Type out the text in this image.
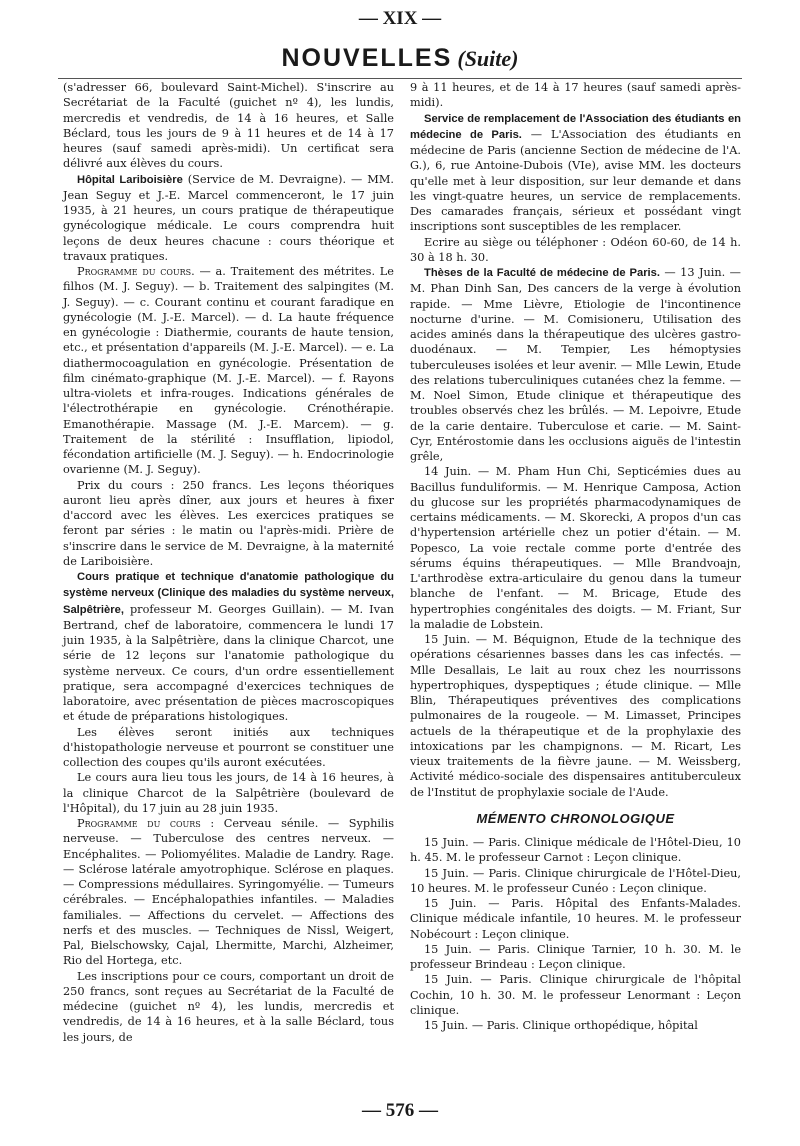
— XIX —
NOUVELLES (Suite)

(s'adresser 66, boulevard Saint-Michel). S'inscrire au Secrétariat de la Faculté (guichet nº 4), les lundis, mercredis et vendredis, de 14 à 16 heures, et Salle Béclard, tous les jours de 9 à 11 heures et de 14 à 17 heures (sauf samedi après-midi). Un certificat sera délivré aux élèves du cours.

Hôpital Lariboisière (Service de M. Devraigne). — MM. Jean Seguy et J.-E. Marcel commenceront, le 17 juin 1935, à 21 heures, un cours pratique de thérapeutique gynécologique médicale. Le cours comprendra huit leçons de deux heures chacune : cours théorique et travaux pratiques.

Programme du cours. — a. Traitement des métrites. Le filhos (M. J. Seguy). — b. Traitement des salpingites (M. J. Seguy). — c. Courant continu et courant faradique en gynécologie (M. J.-E. Marcel). — d. La haute fréquence en gynécologie : Diathermie, courants de haute tension, etc., et présentation d'appareils (M. J.-E. Marcel). — e. La diathermocoagulation en gynécologie. Présentation de film cinémato-graphique (M. J.-E. Marcel). — f. Rayons ultra-violets et infra-rouges. Indications générales de l'électrothérapie en gynécologie. Crénothérapie. Emanothérapie. Massage (M. J.-E. Marcem). — g. Traitement de la stérilité : Insufflation, lipiodol, fécondation artificielle (M. J. Seguy). — h. Endocrinologie ovarienne (M. J. Seguy).

Prix du cours : 250 francs. Les leçons théoriques auront lieu après dîner, aux jours et heures à fixer d'accord avec les élèves. Les exercices pratiques se feront par séries : le matin ou l'après-midi. Prière de s'inscrire dans le service de M. Devraigne, à la maternité de Lariboisière.

Cours pratique et technique d'anatomie pathologique du système nerveux (Clinique des maladies du système nerveux, Salpêtrière, professeur M. Georges Guillain). — M. Ivan Bertrand, chef de laboratoire, commencera le lundi 17 juin 1935, à la Salpêtrière, dans la clinique Charcot, une série de 12 leçons sur l'anatomie pathologique du système nerveux. Ce cours, d'un ordre essentiellement pratique, sera accompagné d'exercices techniques de laboratoire, avec présentation de pièces macroscopiques et étude de préparations histologiques.

Les élèves seront initiés aux techniques d'histopathologie nerveuse et pourront se constituer une collection des coupes qu'ils auront exécutées.

Le cours aura lieu tous les jours, de 14 à 16 heures, à la clinique Charcot de la Salpêtrière (boulevard de l'Hôpital), du 17 juin au 28 juin 1935.

Programme du cours : Cerveau sénile. — Syphilis nerveuse. — Tuberculose des centres nerveux. — Encéphalites. — Poliomyélites. Maladie de Landry. Rage. — Sclérose latérale amyotrophique. Sclérose en plaques. — Compressions médullaires. Syringomyélie. — Tumeurs cérébrales. — Encéphalopathies infantiles. — Maladies familiales. — Affections du cervelet. — Affections des nerfs et des muscles. — Techniques de Nissl, Weigert, Pal, Bielschowsky, Cajal, Lhermitte, Marchi, Alzheimer, Rio del Hortega, etc.

Les inscriptions pour ce cours, comportant un droit de 250 francs, sont reçues au Secrétariat de la Faculté de médecine (guichet nº 4), les lundis, mercredis et vendredis, de 14 à 16 heures, et à la salle Béclard, tous les jours, de

9 à 11 heures, et de 14 à 17 heures (sauf samedi après-midi).

Service de remplacement de l'Association des étudiants en médecine de Paris. — L'Association des étudiants en médecine de Paris (ancienne Section de médecine de l'A. G.), 6, rue Antoine-Dubois (VIe), avise MM. les docteurs qu'elle met à leur disposition, sur leur demande et dans les vingt-quatre heures, un service de remplacements. Des camarades français, sérieux et possédant vingt inscriptions sont susceptibles de les remplacer.

Ecrire au siège ou téléphoner : Odéon 60-60, de 14 h. 30 à 18 h. 30.

Thèses de la Faculté de médecine de Paris. — 13 Juin. — M. Phan Dinh San, Des cancers de la verge à évolution rapide. — Mme Lièvre, Etiologie de l'incontinence nocturne d'urine. — M. Comisioneru, Utilisation des acides aminés dans la thérapeutique des ulcères gastro-duodénaux. — M. Tempier, Les hémoptysies tuberculeuses isolées et leur avenir. — Mlle Lewin, Etude des relations tuberculiniques cutanées chez la femme. — M. Noel Simon, Etude clinique et thérapeutique des troubles observés chez les brûlés. — M. Lepoivre, Etude de la carie dentaire. Tuberculose et carie. — M. Saint-Cyr, Entérostomie dans les occlusions aiguës de l'intestin grêle,

14 Juin. — M. Pham Hun Chi, Septicémies dues au Bacillus funduliformis. — M. Henrique Camposa, Action du glucose sur les propriétés pharmacodynamiques de certains médicaments. — M. Skorecki, A propos d'un cas d'hypertension artérielle chez un potier d'étain. — M. Popesco, La voie rectale comme porte d'entrée des sérums équins thérapeutiques. — Mlle Brandvoajn, L'arthrodèse extra-articulaire du genou dans la tumeur blanche de l'enfant. — M. Bricage, Etude des hypertrophies congénitales des doigts. — M. Friant, Sur la maladie de Lobstein.

15 Juin. — M. Béquignon, Etude de la technique des opérations césariennes basses dans les cas infectés. — Mlle Desallais, Le lait au roux chez les nourrissons hypertrophiques, dyspeptiques ; étude clinique. — Mlle Blin, Thérapeutiques préventives des complications pulmonaires de la rougeole. — M. Limasset, Principes actuels de la thérapeutique et de la prophylaxie des intoxications par les champignons. — M. Ricart, Les vieux traitements de la fièvre jaune. — M. Weissberg, Activité médico-sociale des dispensaires antituberculeux de l'Institut de prophylaxie sociale de l'Aude.

MÉMENTO CHRONOLOGIQUE

15 Juin. — Paris. Clinique médicale de l'Hôtel-Dieu, 10 h. 45. M. le professeur Carnot : Leçon clinique.

15 Juin. — Paris. Clinique chirurgicale de l'Hôtel-Dieu, 10 heures. M. le professeur Cunéo : Leçon clinique.

15 Juin. — Paris. Hôpital des Enfants-Malades. Clinique médicale infantile, 10 heures. M. le professeur Nobécourt : Leçon clinique.

15 Juin. — Paris. Clinique Tarnier, 10 h. 30. M. le professeur Brindeau : Leçon clinique.

15 Juin. — Paris. Clinique chirurgicale de l'hôpital Cochin, 10 h. 30. M. le professeur Lenormant : Leçon clinique.

15 Juin. — Paris. Clinique orthopédique, hôpital

— 576 —
